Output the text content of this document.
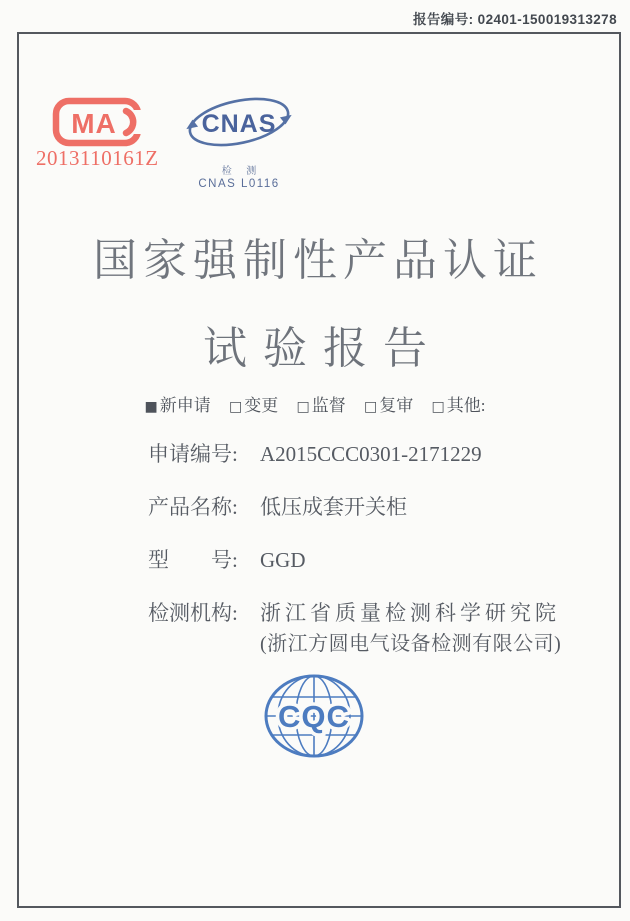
报告编号: 02401-150019313278
MA
2013110161Z
CNAS
检 测
CNAS L0116
国家强制性产品认证
试验报告
■ 新申请 □ 变更 □ 监督 □ 复审 □ 其他:
申请编号:	A2015CCC0301-2171229
产品名称:	低压成套开关柜
型　　号:	GGD
检测机构:	浙江省质量检测科学研究院
(浙江方圆电气设备检测有限公司)
CQC
